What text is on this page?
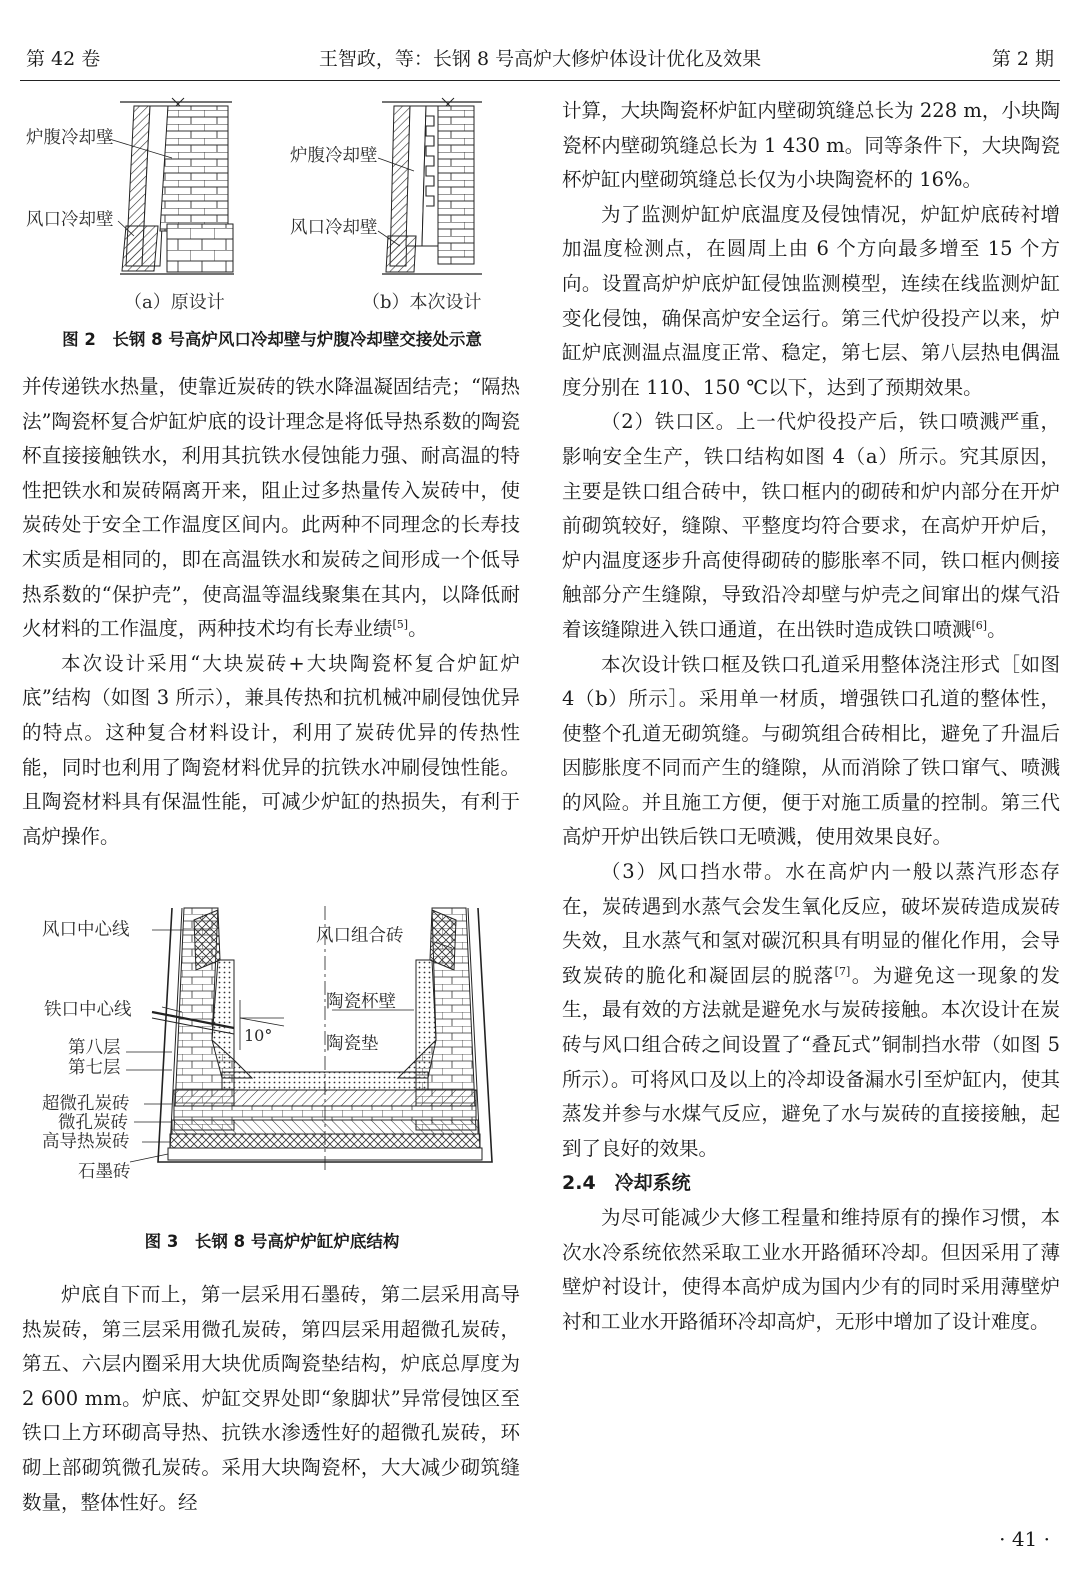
第 42 卷	王智政，等：长钢 8 号高炉大修炉体设计优化及效果	第 2 期
炉腹冷却壁
风口冷却壁
炉腹冷却壁
风口冷却壁
（a）原设计	（b）本次设计
图 2　长钢 8 号高炉风口冷却壁与炉腹冷却壁交接处示意

并传递铁水热量，使靠近炭砖的铁水降温凝固结壳；“隔热法”陶瓷杯复合炉缸炉底的设计理念是将低导热系数的陶瓷杯直接接触铁水，利用其抗铁水侵蚀能力强、耐高温的特性把铁水和炭砖隔离开来，阻止过多热量传入炭砖中，使炭砖处于安全工作温度区间内。此两种不同理念的长寿技术实质是相同的，即在高温铁水和炭砖之间形成一个低导热系数的“保护壳”，使高温等温线聚集在其内，以降低耐火材料的工作温度，两种技术均有长寿业绩[5]。

本次设计采用“大块炭砖+大块陶瓷杯复合炉缸炉底”结构（如图 3 所示），兼具传热和抗机械冲刷侵蚀优异的特点。这种复合材料设计，利用了炭砖优异的传热性能，同时也利用了陶瓷材料优异的抗铁水冲刷侵蚀性能。且陶瓷材料具有保温性能，可减少炉缸的热损失，有利于高炉操作。

风口中心线	风口组合砖
铁口中心线	陶瓷杯壁
10°	陶瓷垫
第八层
第七层
超微孔炭砖
微孔炭砖
高导热炭砖
石墨砖
图 3　长钢 8 号高炉炉缸炉底结构

炉底自下而上，第一层采用石墨砖，第二层采用高导热炭砖，第三层采用微孔炭砖，第四层采用超微孔炭砖，第五、六层内圈采用大块优质陶瓷垫结构，炉底总厚度为 2 600 mm。炉底、炉缸交界处即“象脚状”异常侵蚀区至铁口上方环砌高导热、抗铁水渗透性好的超微孔炭砖，环砌上部砌筑微孔炭砖。采用大块陶瓷杯，大大减少砌筑缝数量，整体性好。经

计算，大块陶瓷杯炉缸内壁砌筑缝总长为 228 m，小块陶瓷杯内壁砌筑缝总长为 1 430 m。同等条件下，大块陶瓷杯炉缸内壁砌筑缝总长仅为小块陶瓷杯的 16%。

为了监测炉缸炉底温度及侵蚀情况，炉缸炉底砖衬增加温度检测点，在圆周上由 6 个方向最多增至 15 个方向。设置高炉炉底炉缸侵蚀监测模型，连续在线监测炉缸变化侵蚀，确保高炉安全运行。第三代炉役投产以来，炉缸炉底测温点温度正常、稳定，第七层、第八层热电偶温度分别在 110、150 ℃以下，达到了预期效果。

（2）铁口区。上一代炉役投产后，铁口喷溅严重，影响安全生产，铁口结构如图 4（a）所示。究其原因，主要是铁口组合砖中，铁口框内的砌砖和炉内部分在开炉前砌筑较好，缝隙、平整度均符合要求，在高炉开炉后，炉内温度逐步升高使得砌砖的膨胀率不同，铁口框内侧接触部分产生缝隙，导致沿冷却壁与炉壳之间窜出的煤气沿着该缝隙进入铁口通道，在出铁时造成铁口喷溅[6]。

本次设计铁口框及铁口孔道采用整体浇注形式［如图 4（b）所示］。采用单一材质，增强铁口孔道的整体性，使整个孔道无砌筑缝。与砌筑组合砖相比，避免了升温后因膨胀度不同而产生的缝隙，从而消除了铁口窜气、喷溅的风险。并且施工方便，便于对施工质量的控制。第三代高炉开炉出铁后铁口无喷溅，使用效果良好。

（3）风口挡水带。水在高炉内一般以蒸汽形态存在，炭砖遇到水蒸气会发生氧化反应，破坏炭砖造成炭砖失效，且水蒸气和氢对碳沉积具有明显的催化作用，会导致炭砖的脆化和凝固层的脱落[7]。为避免这一现象的发生，最有效的方法就是避免水与炭砖接触。本次设计在炭砖与风口组合砖之间设置了“叠瓦式”铜制挡水带（如图 5 所示）。可将风口及以上的冷却设备漏水引至炉缸内，使其蒸发并参与水煤气反应，避免了水与炭砖的直接接触，起到了良好的效果。

2.4　冷却系统

为尽可能减少大修工程量和维持原有的操作习惯，本次水冷系统依然采取工业水开路循环冷却。但因采用了薄壁炉衬设计，使得本高炉成为国内少有的同时采用薄壁炉衬和工业水开路循环冷却高炉，无形中增加了设计难度。

· 41 ·
